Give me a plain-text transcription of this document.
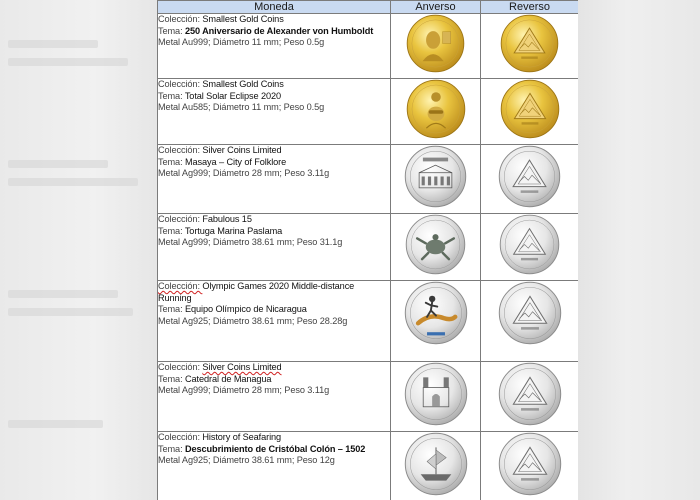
Moneda	Anverso	Reverso

Colección: Smallest Gold Coins
Tema: 250 Aniversario de Alexander von Humboldt
Metal Au999; Diámetro 11 mm; Peso 0.5g

Colección: Smallest Gold Coins
Tema: Total Solar Eclipse 2020
Metal Au585; Diámetro 11 mm; Peso 0.5g

Colección: Silver Coins Limited
Tema: Masaya – City of Folklore
Metal Ag999; Diámetro 28 mm; Peso 3.11g

Colección: Fabulous 15
Tema: Tortuga Marina Paslama
Metal Ag999; Diámetro 38.61 mm; Peso 31.1g

Colección: Olympic Games 2020 Middle-distance Running
Tema: Equipo Olímpico de Nicaragua
Metal Ag925; Diámetro 38.61 mm; Peso 28.28g

Colección: Silver Coins Limited
Tema: Catedral de Managua
Metal Ag999; Diámetro 28 mm; Peso 3.11g

Colección: History of Seafaring
Tema: Descubrimiento de Cristóbal Colón – 1502
Metal Ag925; Diámetro 38.61 mm; Peso 12g
